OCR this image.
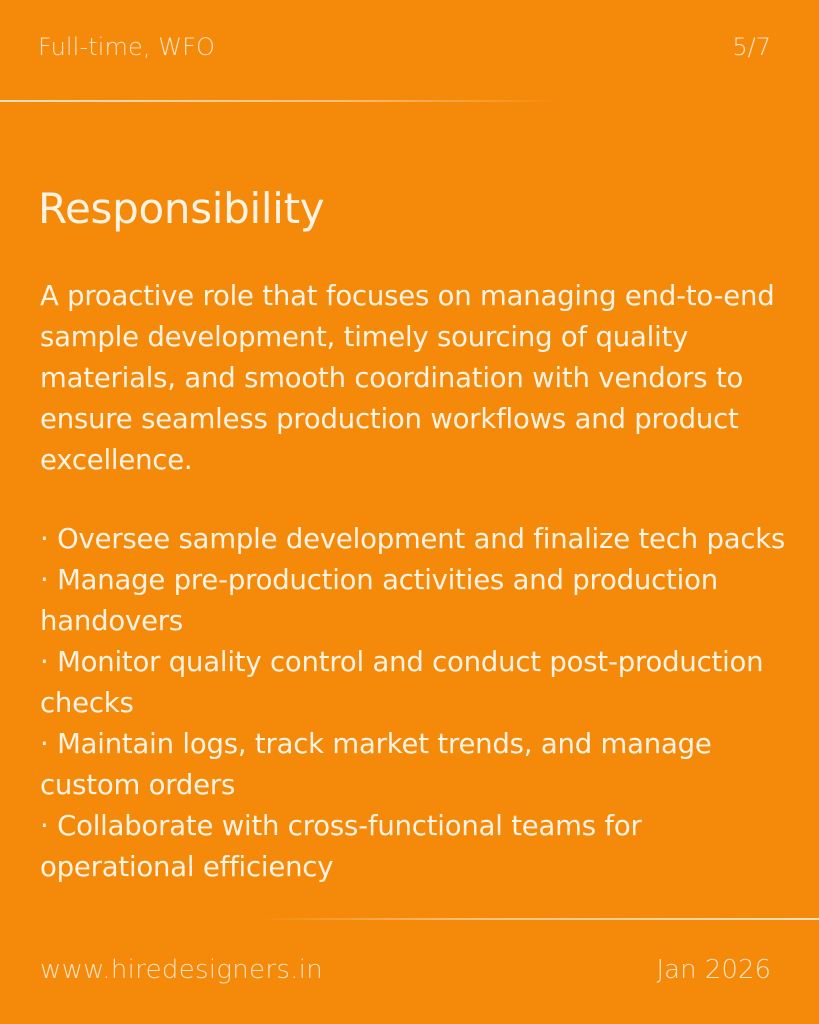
Full-time, WFO	5/7
Responsibility
A proactive role that focuses on managing end-to-end sample development, timely sourcing of quality materials, and smooth coordination with vendors to ensure seamless production workflows and product excellence.
· Oversee sample development and finalize tech packs
· Manage pre-production activities and production handovers
· Monitor quality control and conduct post-production checks
· Maintain logs, track market trends, and manage custom orders
· Collaborate with cross-functional teams for operational efficiency
www.hiredesigners.in	Jan 2026
